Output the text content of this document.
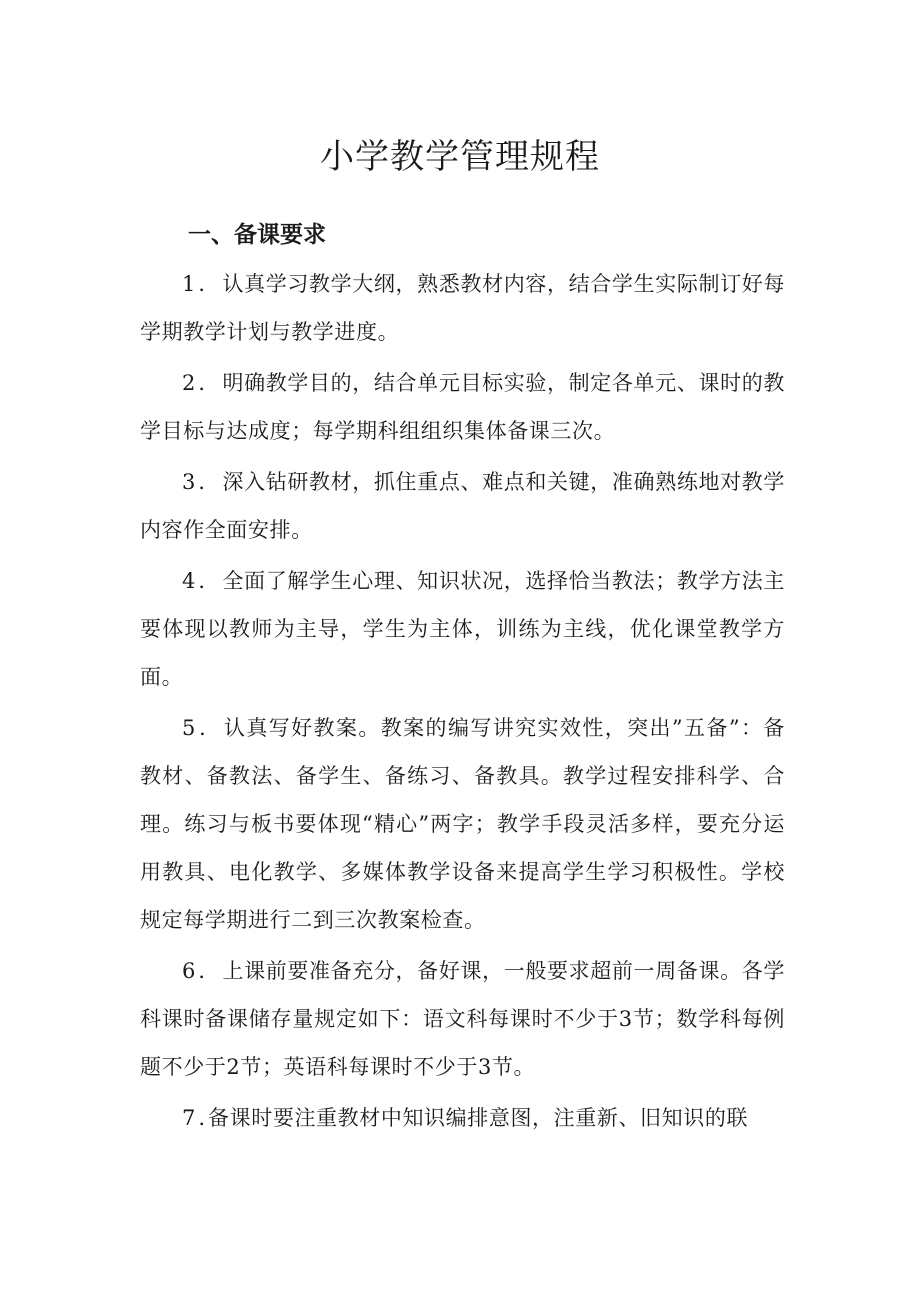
小学教学管理规程
一、备课要求

1．认真学习教学大纲，熟悉教材内容，结合学生实际制订好每学期教学计划与教学进度。

2．明确教学目的，结合单元目标实验，制定各单元、课时的教学目标与达成度；每学期科组组织集体备课三次。

3．深入钻研教材，抓住重点、难点和关键，准确熟练地对教学内容作全面安排。

4．全面了解学生心理、知识状况，选择恰当教法；教学方法主要体现以教师为主导，学生为主体，训练为主线，优化课堂教学方面。

5．认真写好教案。教案的编写讲究实效性，突出”五备”：备教材、备教法、备学生、备练习、备教具。教学过程安排科学、合理。练习与板书要体现“精心”两字；教学手段灵活多样，要充分运用教具、电化教学、多媒体教学设备来提高学生学习积极性。学校规定每学期进行二到三次教案检查。

6．上课前要准备充分，备好课，一般要求超前一周备课。各学科课时备课储存量规定如下：语文科每课时不少于3节；数学科每例题不少于2节；英语科每课时不少于3节。

7.备课时要注重教材中知识编排意图，注重新、旧知识的联
